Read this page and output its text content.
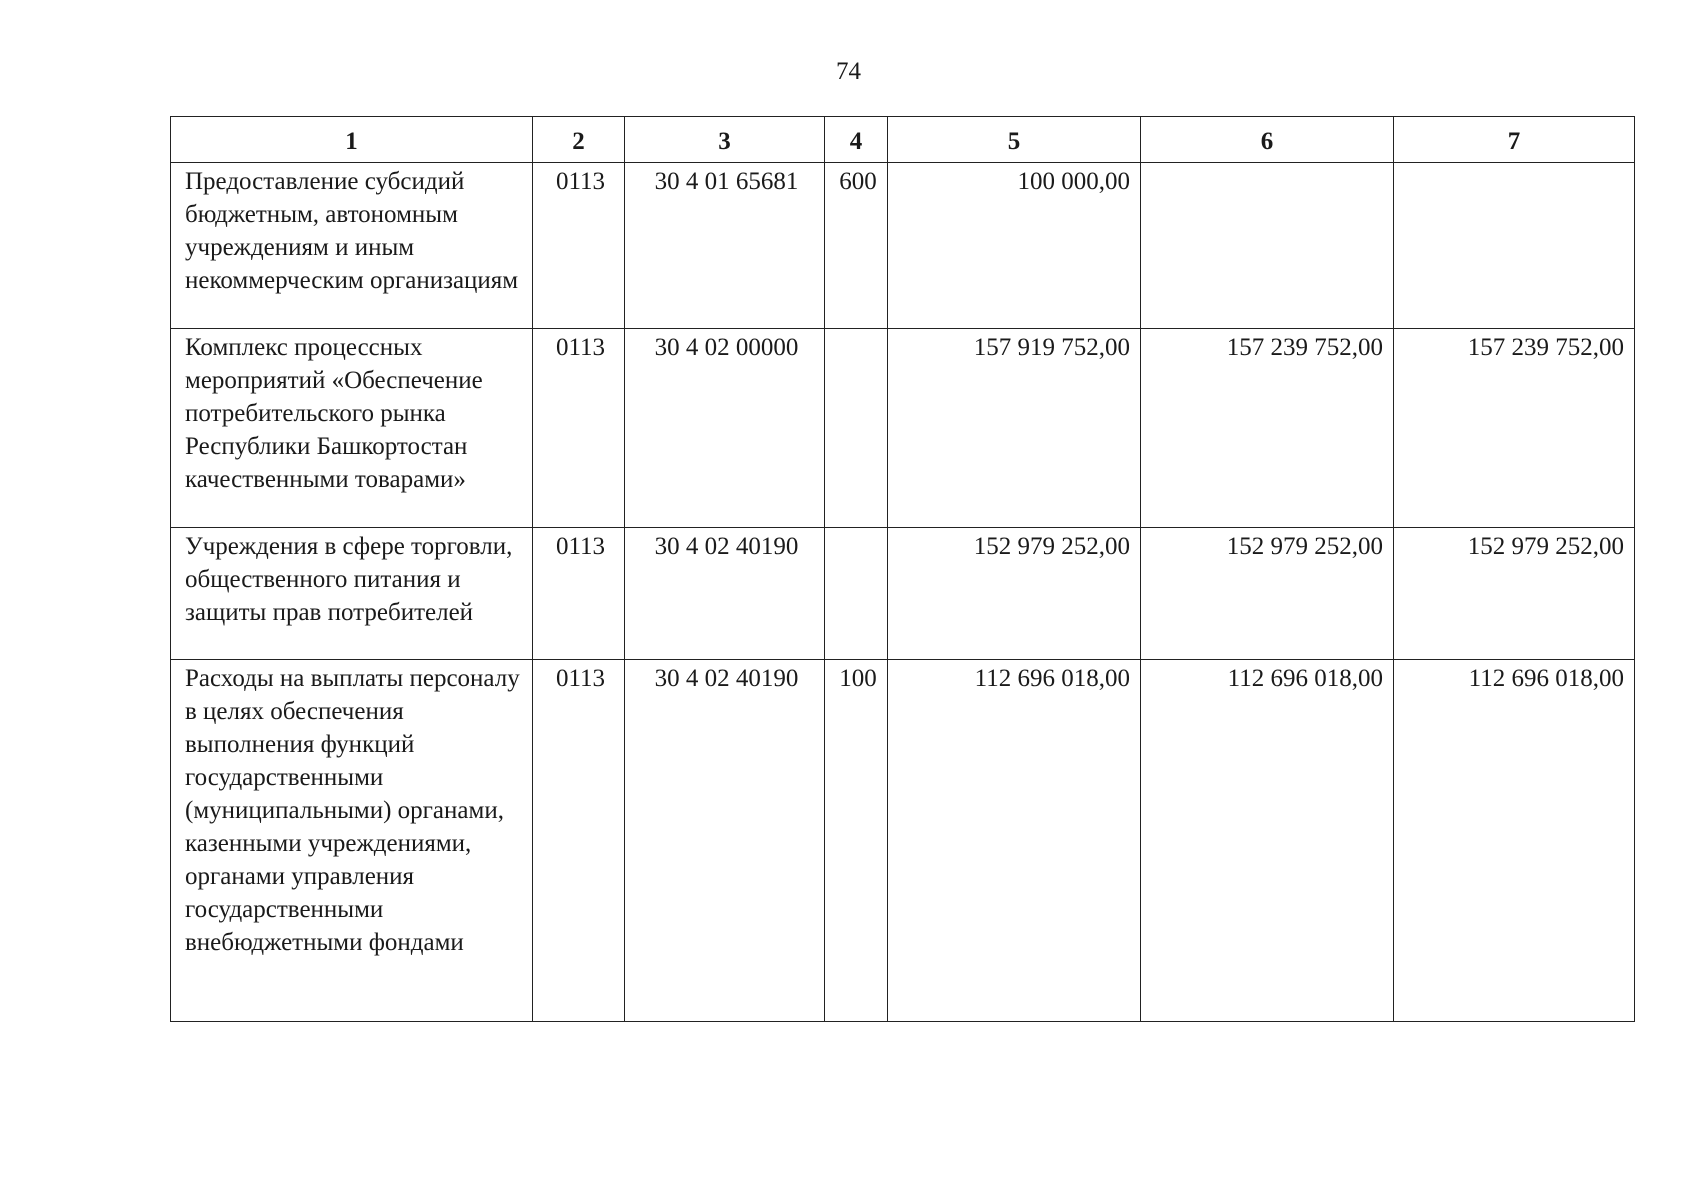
74
1	2	3	4	5	6	7
Предоставление субсидий бюджетным, автономным учреждениям и иным некоммерческим организациям	0113	30 4 01 65681	600	100 000,00		
Комплекс процессных мероприятий «Обеспечение потребительского рынка Республики Башкортостан качественными товарами»	0113	30 4 02 00000		157 919 752,00	157 239 752,00	157 239 752,00
Учреждения в сфере торговли, общественного питания и защиты прав потребителей	0113	30 4 02 40190		152 979 252,00	152 979 252,00	152 979 252,00
Расходы на выплаты персоналу в целях обеспечения выполнения функций государственными (муниципальными) органами, казенными учреждениями, органами управления государственными внебюджетными фондами	0113	30 4 02 40190	100	112 696 018,00	112 696 018,00	112 696 018,00
